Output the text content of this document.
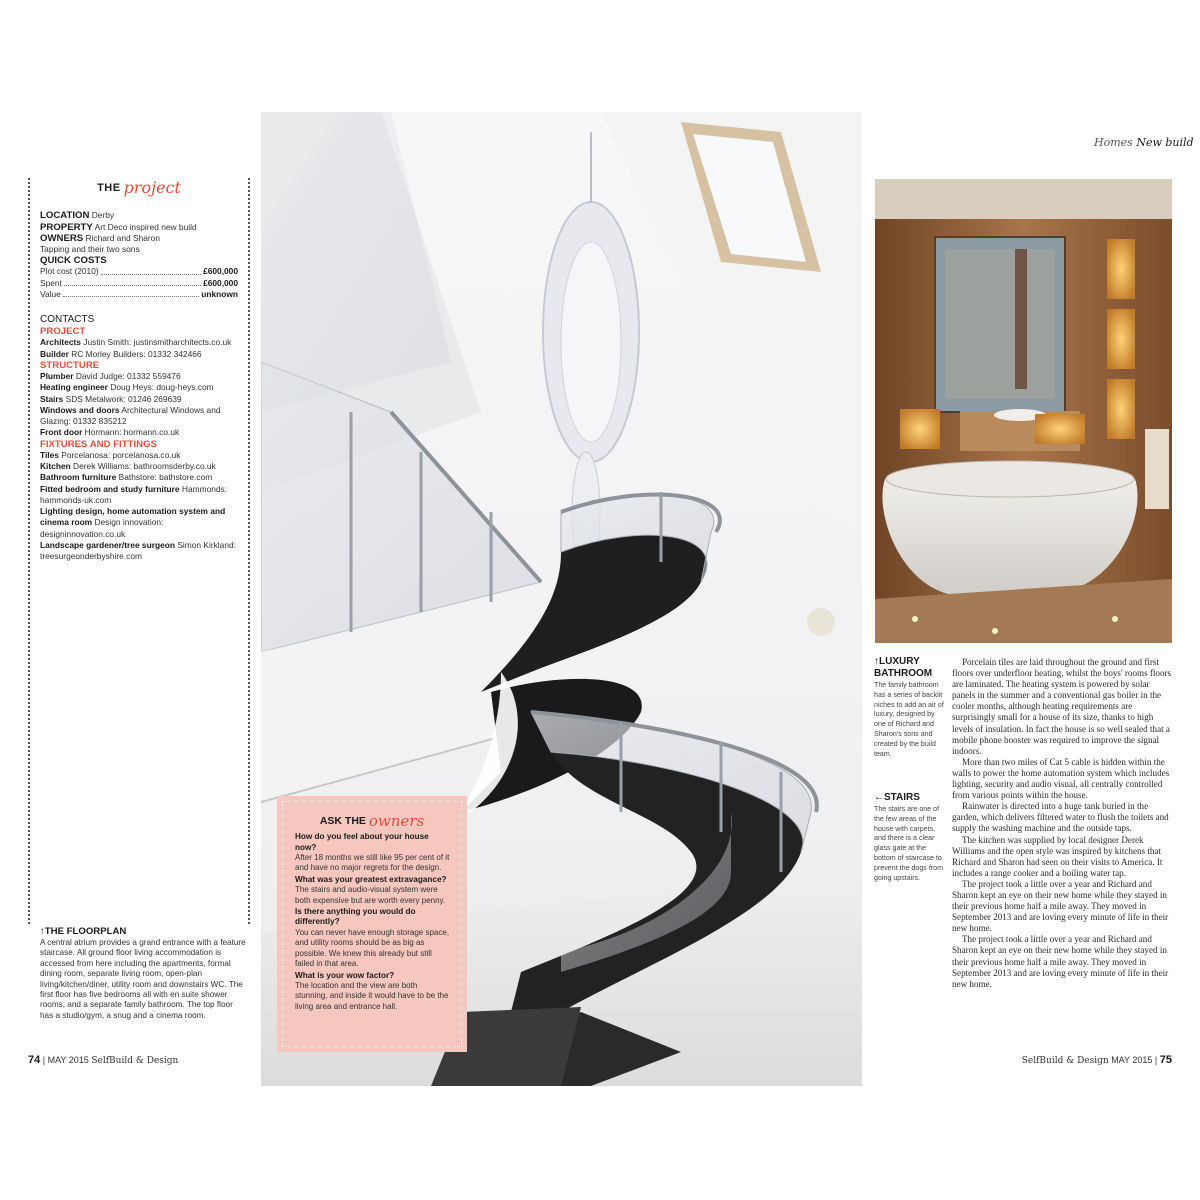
THE project

LOCATION Derby

PROPERTY Art Deco inspired new build

OWNERS Richard and Sharon Tapping and their two sons

QUICK COSTS

Plot cost (2010)	£600,000
Spent	£600,000
Value	unknown

CONTACTS

PROJECT

Architects Justin Smith: justinsmitharchitects.co.uk

Builder RC Morley Builders: 01332 342466

STRUCTURE

Plumber David Judge: 01332 559476

Heating engineer Doug Heys: doug-heys.com

Stairs SDS Metalwork: 01246 269639

Windows and doors Architectural Windows and Glazing: 01332 835212

Front door Hormann: hormann.co.uk

FIXTURES AND FITTINGS

Tiles Porcelanosa: porcelanosa.co.uk

Kitchen Derek Williams: bathroomsderby.co.uk

Bathroom furniture Bathstore: bathstore.com

Fitted bedroom and study furniture Hammonds: hammonds-uk.com

Lighting design, home automation system and cinema room Design innovation: designinnovation.co.uk

Landscape gardener/tree surgeon Simon Kirkland: treesurgeonderbyshire.com

↑THE FLOORPLAN

A central atrium provides a grand entrance with a feature staircase. All ground floor living accommodation is accessed from here including the apartments, formal dining room, separate living room, open-plan living/kitchen/diner, utility room and downstairs WC. The first floor has five bedrooms all with en suite shower rooms, and a separate family bathroom. The top floor has a studio/gym, a snug and a cinema room.

74 | MAY 2015 SelfBuild & Design
ASK THE owners

How do you feel about your house now?

After 18 months we still like 95 per cent of it and have no major regrets for the design.

What was your greatest extravagance?

The stairs and audio-visual system were both expensive but are worth every penny.

Is there anything you would do differently?

You can never have enough storage space, and utility rooms should be as big as possible. We knew this already but still failed in that area.

What is your wow factor?

The location and the view are both stunning, and inside it would have to be the living area and entrance hall.

Homes New build
↑LUXURY BATHROOM

The family bathroom has a series of backlit niches to add an air of luxury, designed by one of Richard and Sharon's sons and created by the build team.

←STAIRS

The stairs are one of the few areas of the house with carpets, and there is a clear glass gate at the bottom of staircase to prevent the dogs from going upstairs.

Porcelain tiles are laid throughout the ground and first floors over underfloor heating, whilst the boys' rooms floors are laminated. The heating system is powered by solar panels in the summer and a conventional gas boiler in the cooler months, although heating requirements are surprisingly small for a house of its size, thanks to high levels of insulation. In fact the house is so well sealed that a mobile phone booster was required to improve the signal indoors.

More than two miles of Cat 5 cable is hidden within the walls to power the home automation system which includes lighting, security and audio visual, all centrally controlled from various points within the house.

Rainwater is directed into a huge tank buried in the garden, which delivers filtered water to flush the toilets and supply the washing machine and the outside taps.

The kitchen was supplied by local designer Derek Williams and the open style was inspired by kitchens that Richard and Sharon had seen on their visits to America. It includes a range cooker and a boiling water tap.

The project took a little over a year and Richard and Sharon kept an eye on their new home while they stayed in their previous home half a mile away. They moved in September 2013 and are loving every minute of life in their new home.

The project took a little over a year and Richard and Sharon kept an eye on their new home while they stayed in their previous home half a mile away. They moved in September 2013 and are loving every minute of life in their new home.

SelfBuild & Design MAY 2015 | 75
